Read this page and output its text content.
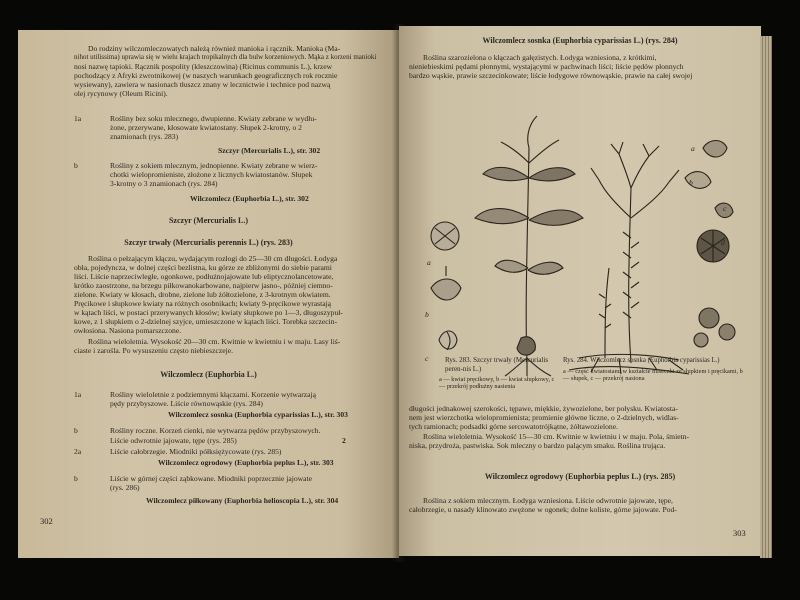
Do rodziny wilczomleczowatych należą również manioka i rącznik. Manioka (Ma-
nihot utilissima) uprawia się w wielu krajach tropikalnych dla bulw korzeniowych. Mąka z korzeni manioki
nosi nazwę tapioki. Rącznik pospolity (kleszczowina) (Ricinus communis L.), krzew
pochodzący z Afryki zwrotnikowej (w naszych warunkach geograficznych rok rocznie
wysiewany), zawiera w nasionach tłuszcz znany w lecznictwie i technice pod nazwą
olej rycynowy (Oleum Ricini).
1a	Rośliny bez soku mlecznego, dwupienne. Kwiaty zebrane w wydłu-
żone, przerywane, kłosowate kwiatostany. Słupek 2-krotny, o 2
znamionach (rys. 283)
Szczyr (Mercurialis L.), str. 302
b	Rośliny z sokiem mlecznym, jednopienne. Kwiaty zebrane w wierz-
chotki wielopromieniste, złożone z licznych kwiatostanów. Słupek
3-krotny o 3 znamionach (rys. 284)
Wilczomlecz (Euphorbia L.), str. 302
Szczyr (Mercurialis L.)
Szczyr trwały (Mercurialis perennis L.) (rys. 283)
Roślina o pełzającym kłączu, wydającym rozłogi do 25—30 cm długości. Łodyga
obła, pojedyncza, w dolnej części bezlistna, ku górze ze zbliżonymi do siebie parami
liści. Liście naprzeciwległe, ogonkowe, podłużnojajowate lub eliptycznolancetowate,
krótko zaostrzone, na brzegu piłkowanokarbowane, najpierw jasno-, później ciemno-
zielone. Kwiaty w kłosach, drobne, zielone lub żółtozielone, z 3-krotnym okwiatem.
Pręcikowe i słupkowe kwiaty na różnych osobnikach; kwiaty 9-pręcikowe wyrastają
w kątach liści, w postaci przerywanych kłosów; kwiaty słupkowe po 1—3, długoszypuł-
kowe, z 1 słupkiem o 2-dzielnej szyjce, umieszczone w kątach liści. Torebka szczecin-
owłosiona. Nasiona pomarszczone.
Roślina wieloletnia. Wysokość 20—30 cm. Kwitnie w kwietniu i w maju. Lasy liś-
ciaste i zarośla. Po wysuszeniu często niebieszczeje.
Wilczomlecz (Euphorbia L.)
1a	Rośliny wieloletnie z podziemnymi kłączami. Korzenie wytwarzają
pędy przybyszowe. Liście równowąskie (rys. 284)
Wilczomlecz sosnka (Euphorbia cyparissias L.), str. 303
b	Rośliny roczne. Korzeń cienki, nie wytwarza pędów przybyszowych.
Liście odwrotnie jajowate, tępe (rys. 285)	2
2a	Liście całobrzegie. Miodniki półksiężycowate (rys. 285)
Wilczomlecz ogrodowy (Euphorbia peplus L.), str. 303
b	Liście w górnej części ząbkowane. Miodniki poprzecznie jajowate
(rys. 286)
Wilczomlecz piłkowany (Euphorbia helioscopia L.), str. 304
302
Wilczomlecz sosnka (Euphorbia cyparissias L.) (rys. 284)
Roślina szarozielona o kłączach gałęzistych. Łodyga wzniesiona, z krótkimi,
nieniebieskimi pędami płonnymi, wystającymi w pachwinach liści; liście pędów płonnych
bardzo wąskie, prawie szczecinkowate; liście łodygowe równowąskie, prawie na całej swojej
a
b
c
a
b
c
d
Rys. 283. Szczyr trwały (Mercurialis peren-nis L.)
a — kwiat pręcikowy, b — kwiat słupkowy, c — przekrój podłużny nasienia
Rys. 284. Wilczomlecz sosnka (Euphorbia cyparissias L.)
a — część kwiatostanu w kształcie miseczki ze słupkiem i pręcikami, b — słupek, c — przekrój nasiona
długości jednakowej szerokości, tępawe, miękkie, żywozielone, ber połysku. Kwiatosta-
nem jest wierzchotka wielopromienista; promienie główne liczne, o 2-dzielnych, widlas-
tych ramionach; podsadki górne sercowatotrójkątne, żółtawozielone.
Roślina wieloletnia. Wysokość 15—30 cm. Kwitnie w kwietniu i w maju. Pola, śmietn-
niska, przydroża, pastwiska. Sok mleczny o bardzo palącym smaku. Roślina trująca.
Wilczomlecz ogrodowy (Euphorbia peplus L.) (rys. 285)
Roślina z sokiem mlecznym. Łodyga wzniesiona. Liście odwrotnie jajowate, tępe,
całobrzegie, u nasady klinowato zwężone w ogonek; dolne koliste, górne jajowate. Pod-
303
